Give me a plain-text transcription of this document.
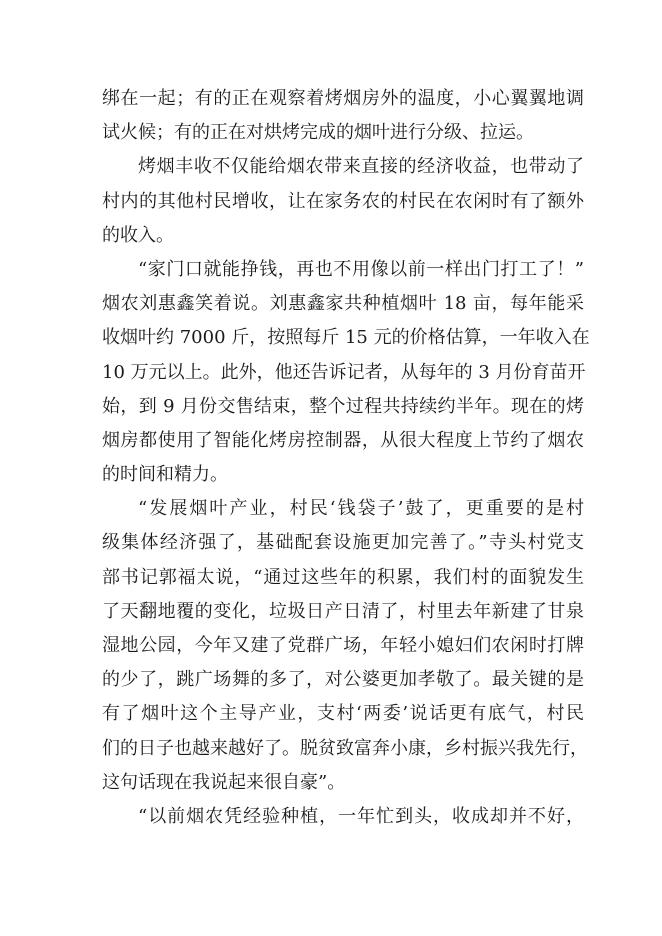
绑在一起；有的正在观察着烤烟房外的温度，小心翼翼地调
试火候；有的正在对烘烤完成的烟叶进行分级、拉运。
烤烟丰收不仅能给烟农带来直接的经济收益，也带动了
村内的其他村民增收，让在家务农的村民在农闲时有了额外
的收入。
“家门口就能挣钱，再也不用像以前一样出门打工了！”
烟农刘惠鑫笑着说。刘惠鑫家共种植烟叶 18 亩，每年能采
收烟叶约 7000 斤，按照每斤 15 元的价格估算，一年收入在
10 万元以上。此外，他还告诉记者，从每年的 3 月份育苗开
始，到 9 月份交售结束，整个过程共持续约半年。现在的烤
烟房都使用了智能化烤房控制器，从很大程度上节约了烟农
的时间和精力。
“发展烟叶产业，村民‘钱袋子’鼓了，更重要的是村
级集体经济强了，基础配套设施更加完善了。”寺头村党支
部书记郭福太说，“通过这些年的积累，我们村的面貌发生
了天翻地覆的变化，垃圾日产日清了，村里去年新建了甘泉
湿地公园，今年又建了党群广场，年轻小媳妇们农闲时打牌
的少了，跳广场舞的多了，对公婆更加孝敬了。最关键的是
有了烟叶这个主导产业，支村‘两委’说话更有底气，村民
们的日子也越来越好了。脱贫致富奔小康，乡村振兴我先行，
这句话现在我说起来很自豪”。
“以前烟农凭经验种植，一年忙到头，收成却并不好，
